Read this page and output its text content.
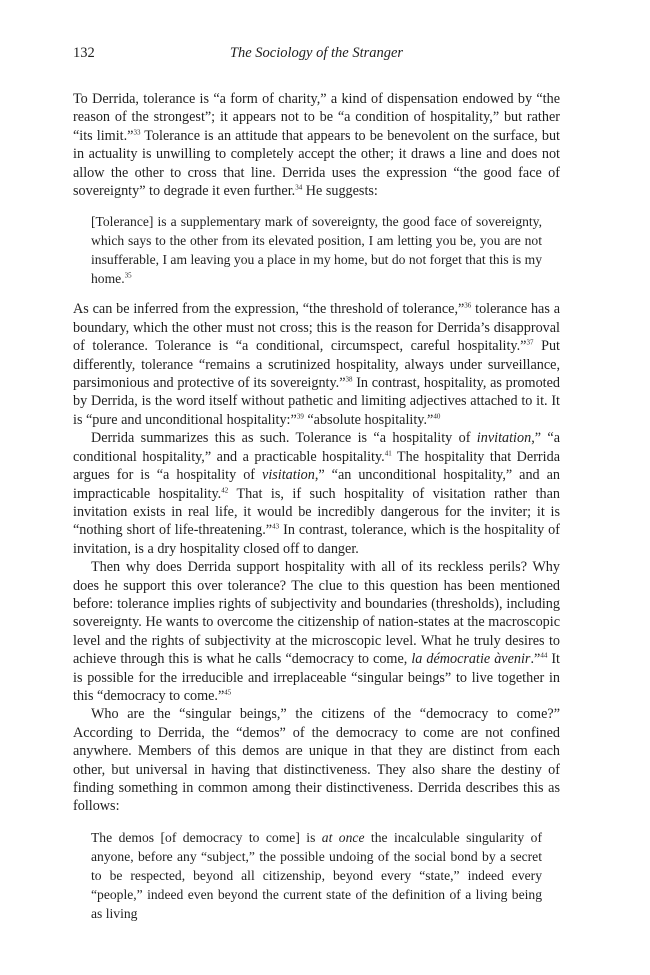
132	The Sociology of the Stranger

To Derrida, tolerance is “a form of charity,” a kind of dispensation endowed by “the reason of the strongest”; it appears not to be “a condition of hospitality,” but rather “its limit.”$^{33}$ Tolerance is an attitude that appears to be benevolent on the surface, but in actuality is unwilling to completely accept the other; it draws a line and does not allow the other to cross that line. Derrida uses the expression “the good face of sovereignty” to degrade it even further.$^{34}$ He suggests:

[Tolerance] is a supplementary mark of sovereignty, the good face of sovereignty, which says to the other from its elevated position, I am letting you be, you are not insufferable, I am leaving you a place in my home, but do not forget that this is my home.$^{35}$

As can be inferred from the expression, “the threshold of tolerance,”$^{36}$ tolerance has a boundary, which the other must not cross; this is the reason for Derrida’s disapproval of tolerance. Tolerance is “a conditional, circumspect, careful hospitality.”$^{37}$ Put differently, tolerance “remains a scrutinized hospitality, always under surveillance, parsimonious and protective of its sovereignty.”$^{38}$ In contrast, hospitality, as promoted by Derrida, is the word itself without pathetic and limiting adjectives attached to it. It is “pure and unconditional hospitality:”$^{39}$ “absolute hospitality.”$^{40}$

Derrida summarizes this as such. Tolerance is “a hospitality of invitation,” “a conditional hospitality,” and a practicable hospitality.$^{41}$ The hospitality that Derrida argues for is “a hospitality of visitation,” “an unconditional hospitality,” and an impracticable hospitality.$^{42}$ That is, if such hospitality of visitation rather than invitation exists in real life, it would be incredibly dangerous for the inviter; it is “nothing short of life-threatening.”$^{43}$ In contrast, tolerance, which is the hospitality of invitation, is a dry hospitality closed off to danger.

Then why does Derrida support hospitality with all of its reckless perils? Why does he support this over tolerance? The clue to this question has been mentioned before: tolerance implies rights of subjectivity and boundaries (thresholds), including sovereignty. He wants to overcome the citizenship of nation-states at the macroscopic level and the rights of subjectivity at the microscopic level. What he truly desires to achieve through this is what he calls “democracy to come, la démocratie àvenir.”$^{44}$ It is possible for the irreducible and irreplaceable “singular beings” to live together in this “democracy to come.”$^{45}$

Who are the “singular beings,” the citizens of the “democracy to come?” According to Derrida, the “demos” of the democracy to come are not confined anywhere. Members of this demos are unique in that they are distinct from each other, but universal in having that distinctiveness. They also share the destiny of finding something in common among their distinctiveness. Derrida describes this as follows:

The demos [of democracy to come] is at once the incalculable singularity of anyone, before any “subject,” the possible undoing of the social bond by a secret to be respected, beyond all citizenship, beyond every “state,” indeed every “people,” indeed even beyond the current state of the definition of a living being as living
